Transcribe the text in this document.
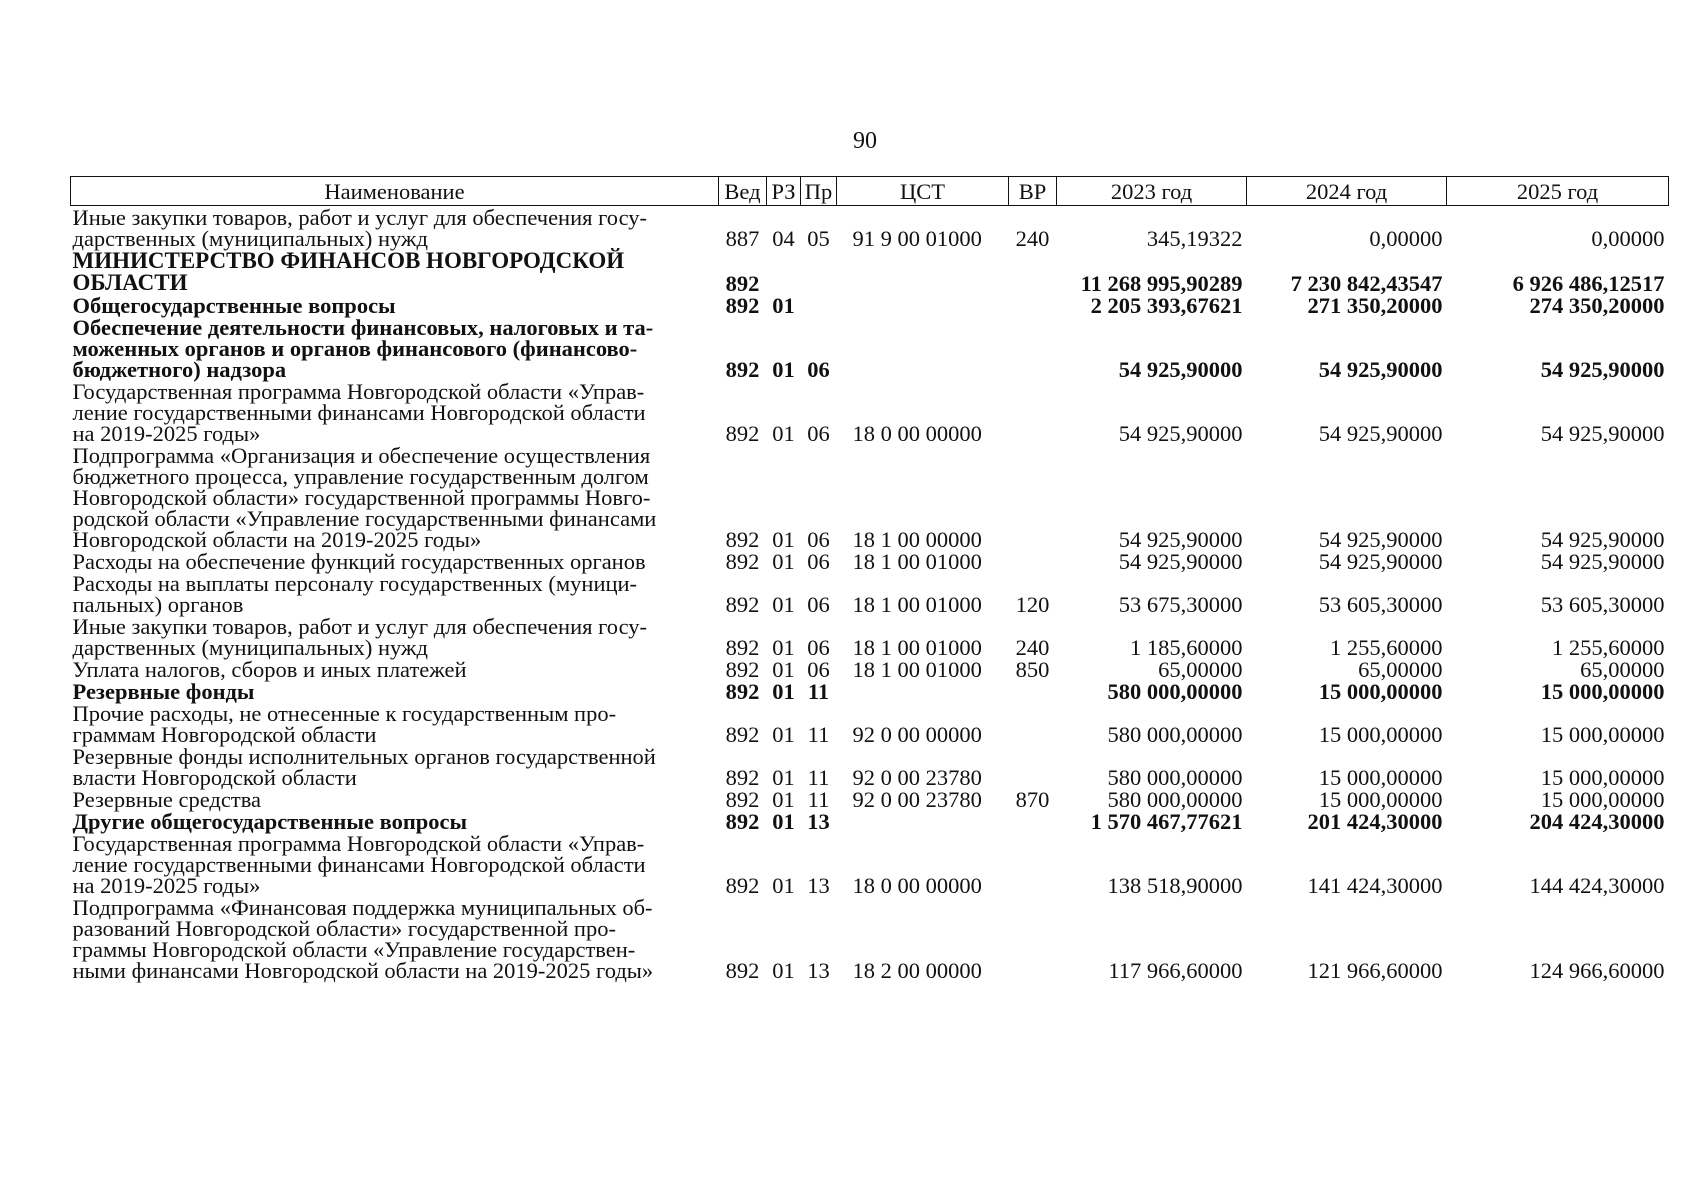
90
Наименование	Вед	РЗ	Пр	ЦСТ	ВР	2023 год	2024 год	2025 год
Иные закупки товаров, работ и услуг для обеспечения госу-
дарственных (муниципальных) нужд	887	04	05	91 9 00 01000	240	345,19322	0,00000	0,00000
МИНИСТЕРСТВО ФИНАНСОВ НОВГОРОДСКОЙ
ОБЛАСТИ	892					11 268 995,90289	7 230 842,43547	6 926 486,12517
Общегосударственные вопросы	892	01				2 205 393,67621	271 350,20000	274 350,20000
Обеспечение деятельности финансовых, налоговых и та-
моженных органов и органов финансового (финансово-
бюджетного) надзора	892	01	06			54 925,90000	54 925,90000	54 925,90000
Государственная программа Новгородской области «Управ-
ление государственными финансами Новгородской области
на 2019-2025 годы»	892	01	06	18 0 00 00000		54 925,90000	54 925,90000	54 925,90000
Подпрограмма «Организация и обеспечение осуществления
бюджетного процесса, управление государственным долгом
Новгородской области» государственной программы Новго-
родской области «Управление государственными финансами
Новгородской области на 2019-2025 годы»	892	01	06	18 1 00 00000		54 925,90000	54 925,90000	54 925,90000
Расходы на обеспечение функций государственных органов	892	01	06	18 1 00 01000		54 925,90000	54 925,90000	54 925,90000
Расходы на выплаты персоналу государственных (муници-
пальных) органов	892	01	06	18 1 00 01000	120	53 675,30000	53 605,30000	53 605,30000
Иные закупки товаров, работ и услуг для обеспечения госу-
дарственных (муниципальных) нужд	892	01	06	18 1 00 01000	240	1 185,60000	1 255,60000	1 255,60000
Уплата налогов, сборов и иных платежей	892	01	06	18 1 00 01000	850	65,00000	65,00000	65,00000
Резервные фонды	892	01	11			580 000,00000	15 000,00000	15 000,00000
Прочие расходы, не отнесенные к государственным про-
граммам Новгородской области	892	01	11	92 0 00 00000		580 000,00000	15 000,00000	15 000,00000
Резервные фонды исполнительных органов государственной
власти Новгородской области	892	01	11	92 0 00 23780		580 000,00000	15 000,00000	15 000,00000
Резервные средства	892	01	11	92 0 00 23780	870	580 000,00000	15 000,00000	15 000,00000
Другие общегосударственные вопросы	892	01	13			1 570 467,77621	201 424,30000	204 424,30000
Государственная программа Новгородской области «Управ-
ление государственными финансами Новгородской области
на 2019-2025 годы»	892	01	13	18 0 00 00000		138 518,90000	141 424,30000	144 424,30000
Подпрограмма «Финансовая поддержка муниципальных об-
разований Новгородской области» государственной про-
граммы Новгородской области «Управление государствен-
ными финансами Новгородской области на 2019-2025 годы»	892	01	13	18 2 00 00000		117 966,60000	121 966,60000	124 966,60000
